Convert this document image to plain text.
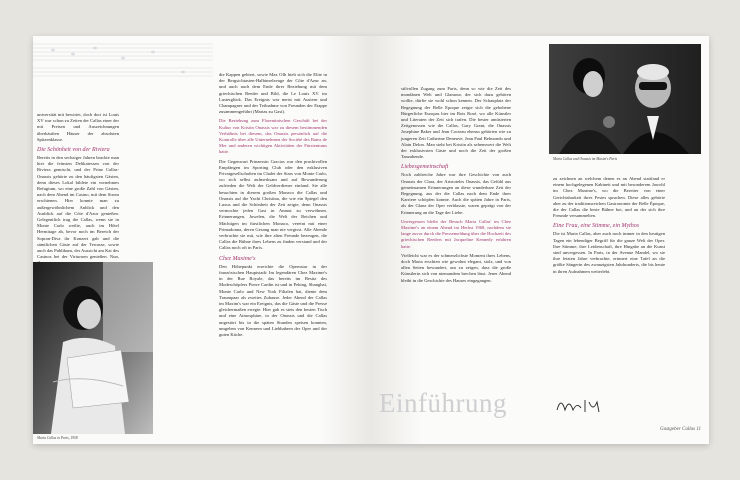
universität mit bewirtet, doch dort ist Louis XV war schon zu Zeiten der Callas einer der mit Preisen und Auszeichnungen überhäuften Häuser der absoluten Spitzenklasse.

Die Schönheit von der Riviera

Bereits in den sechziger Jahren brachte man hier die feinsten Delikatessen von der Riviera gemischt, und der Prinz Callas-Onassis gehörte zu den häufigsten Gästen, denn dieses Lokal bildete ein vornehmes Refugium, wo eine große Zahl von Gästen, nach dem Abend im Casino, mit dem Strom erschienen. Hier konnte man zu außergewöhnlichem Anblick und den Ausblick auf die Côte d'Azur genießen. Gelegentlich trug die Callas, wenn sie in Monte Carlo weilte, auch im Hôtel Hermitage ab, bevor noch im Bereich der Sopran-Diva ihr Konzert gab und die sämtlichen Gäste auf der Terrasse, sowie auch das Publikum, der Aussicht am Kai des Casinos bei der Virtuosen genießen. Nun,

die Kappen gebiert, sowie Max Ofh hielt sich die Elite in der Bergsichtasten-Halbinselzeuge der Côte d'Azur an, und auch nach dem Ende ihrer Beziehung mit dem griechischen Reeder und Bild, die Le Louis XV. im Lusterglück. Das Ereignis war meist mit Austern und Champagner und der Teilnahme von Freunden der Etappe zusammengeführt (Marias zu Gast).

Die Beziehung zum Florentinischen Geschäft bei der Kultur von Kristin Onassis war zu diesem bestimmenden Verhältnis bei diesem, das Onassis persönlich auf die Kontrolle über alle Unternehmen der Société des Bains de Mer und anderen wichtigen Aktivitäten der Fürstentums hatte.

Die Gegenwart Prinzessin Gracias war den prachtvollen Empfängen im Sporting Club oder den exklusiven Privatgesellschaften im Chalet der Stars von Monte Carlo, wo sich selbst aufmerksam und auf Bewunderung zufrieden die Welt der Geldverdiener einfand. Sie alle besuchten in diesem großen Monaco die Callas und Onassis auf die Yacht Christina, die wie ein Spiegel den Luxus und die Schönheit der Zeit zeigte, denn Onassis vermochte jeden Gast in Anmut zu verwöhnen. Erinnerungen, Juwelen, die Welt der Reichen und Mächtigen im fürstlichen Monaco, vereint mit einer Primadonna, deren Gesang man nie vergisst. Alle Abende verbrachte sie mit, wie ihre alten Freunde bezeugen, die Callas die Bühne ihres Lebens zu finden verstand und der Callas noch oft in Paris.

Chez Maxime's

Den Höhepunkt erreichte die Opernstar in der französischen Hauptstadt: Im legendären Chez Maxime's in der Rue Royale, das bereits im Besitz des Modeschöpfers Pierre Cardin ist und in Peking, Shanghai, Monte Carlo und New York Filialen hat, diente dem Traumpaar als zweites Zuhause. Jeder Abend der Callas im Maxim's war ein Ereignis, das die Gäste und die Presse gleichermaßen erregte. Hier gab es stets den besten Tisch und eine Atmosphäre, in der Onassis und die Callas ungestört bis in die späten Stunden speisen konnten, umgeben von Kennern und Liebhabern der Oper und der guten Küche.

Maria Callas in Paris, 1958

stilvollen Zugang zum Paris, denn so wie die Zeit des mondänen Welt und Glamour, der sich dazu gehören wollte, dürfte sie wohl schon kennen. Der Schauplatz der Begegnung der Belle Epoque zeigte sich die gehobene Bürgerliche Europas hier im Bois Rosé, wo alle Künstler und Literaten der Zeit sich trafen. Die bester amüsierten Zeitgenossen wie die Callas, Gary Grant, die Onassis Josephine Baker und Jean Cocteau ebenso gehörten wie zu jungeren Zeit Catherine Deneuve, Jean Paul Belmondo und Alain Delon. Man sieht bei Kristin als sehenswert die Welt der exklusivsten Gäste und noch die Zeit der großen Tanzabende.

Liebesgemeinschaft

Noch zahlreiche Jahre war ihre Geschichte von auch Onassis der Clara, der Aristoteles Onassis, das Gefühl aus gemeinsamen Erinnerungen an diese wunderbare Zeit der Begegnung, aus der die Callas nach dem Ende ihrer Karriere schöpfen konnte. Auch die späten Jahre in Paris, als der Glanz der Oper verblasste, waren geprägt von der Erinnerung an die Tage der Liebe.

Unvergessen bleibt der Besuch Maria Callas' im Chez Maxime's an einem Abend im Herbst 1968, nachdem sie lange zuvor durch die Pressemeldung über die Hochzeit des griechischen Reeders mit Jacqueline Kennedy erfahren hatte.

Vielleicht war es der schmerzlichste Moment ihres Lebens, doch Maria erschien wie gewohnt elegant, stolz, und von allen Seiten bewundert, um zu zeigen, dass die große Künstlerin sich von niemandem brechen lässt. Jener Abend bleibt in die Geschichte des Hauses eingegangen.

Maria Callas und Onassis im Maxim's Paris

zu zeichnen an welchem denen es an Abend stattfand er einem hochgelegenen Kabinett und mit besonderem Jawohl im Chez Maxime's, wo die Bereiter von einer Gerichtsbarkeit ihres Festes sprachen. Diese alles gehörte aber zu der traditionsreichen Gastronomie der Belle Époque, die der Callas die beste Bühne bot, und an der sich ihre Freunde versammelten.

Eine Frau, eine Stimme, ein Mythos

Die ist Maria Callas, aber auch noch immer in den heutigen Tagen ein lebendiger Begriff für die ganze Welt der Oper. Ihre Stimme, ihre Leidenschaft, ihre Hingabe an die Kunst sind unvergessen. In Paris, in der Avenue Mandel, wo sie ihre letzten Jahre verbrachte, erinnert eine Tafel an die größte Sängerin des zwanzigsten Jahrhunderts, die bis heute in ihren Aufnahmen weiterlebt.

Einführung
Gastgeber Callas 11
